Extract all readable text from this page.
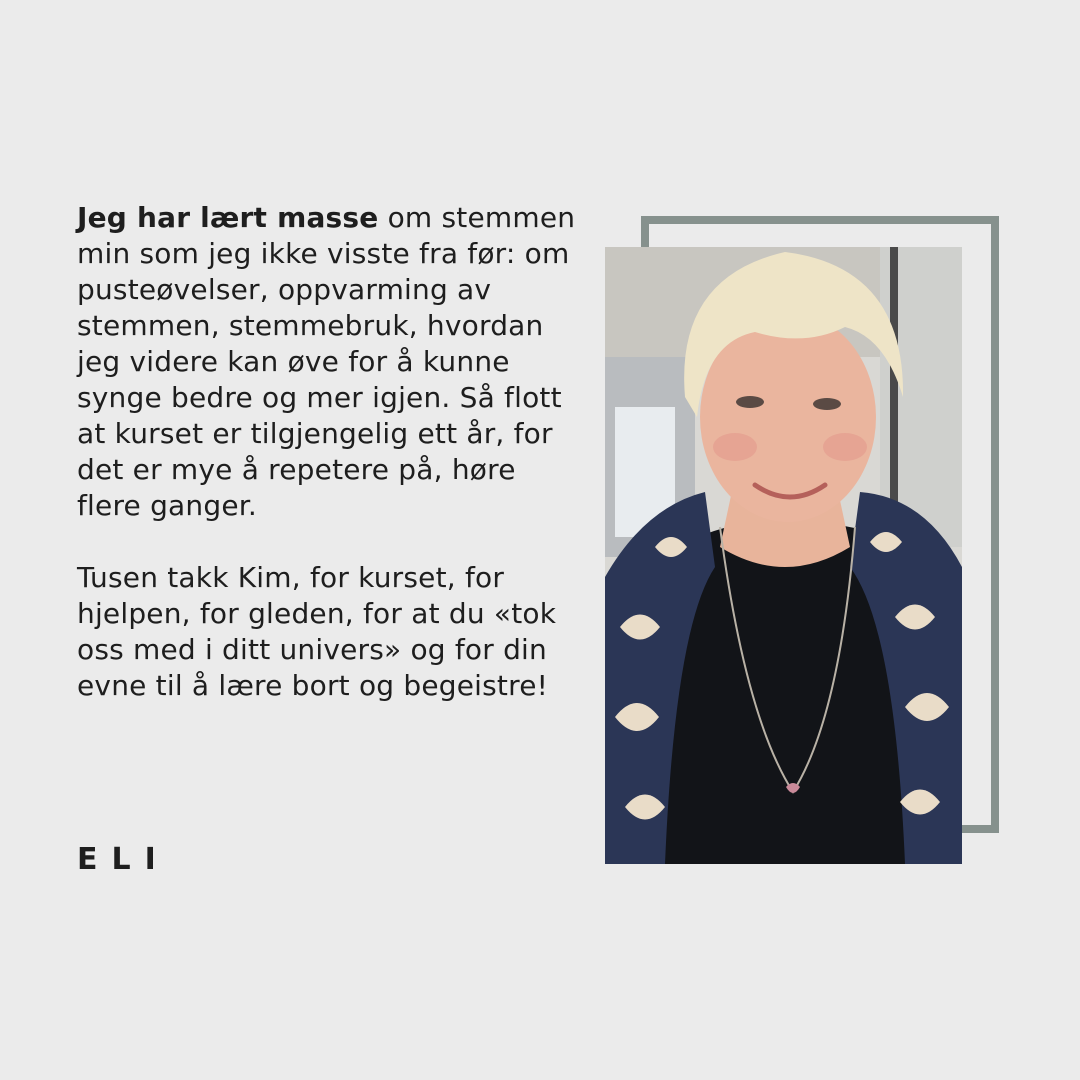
Jeg har lært masse om stemmen min som jeg ikke visste fra før: om pusteøvelser, oppvarming av stemmen, stemmebruk, hvordan jeg videre kan øve for å kunne synge bedre og mer igjen. Så flott at kurset er tilgjengelig ett år, for det er mye å repetere på, høre flere ganger.

Tusen takk Kim, for kurset, for hjelpen, for gleden, for at du «tok oss med i ditt univers» og for din evne til å lære bort og begeistre!

ELI
